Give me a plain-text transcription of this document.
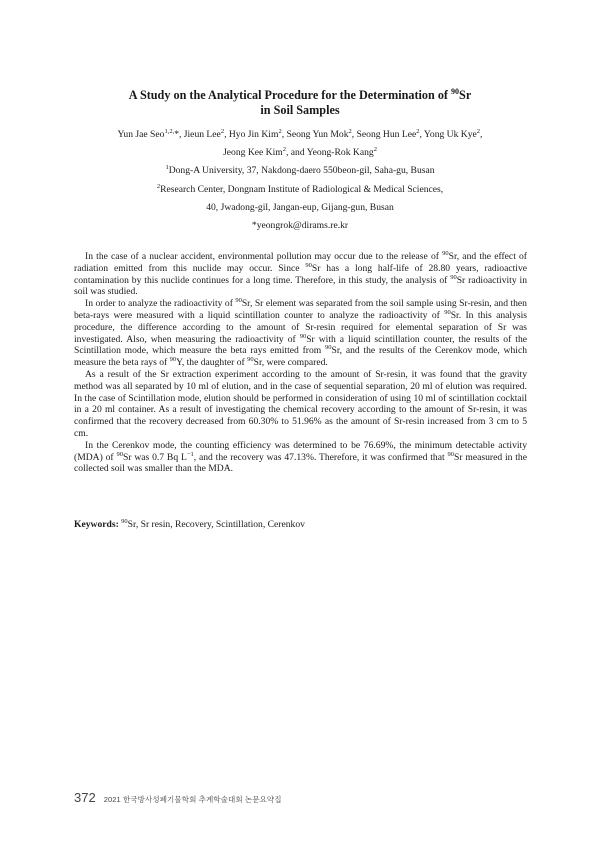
A Study on the Analytical Procedure for the Determination of $^{90}$Sr
in Soil Samples
Yun Jae Seo$^{1,2,}$*, Jieun Lee$^2$, Hyo Jin Kim$^2$, Seong Yun Mok$^2$, Seong Hun Lee$^2$, Yong Uk Kye$^2$,
Jeong Kee Kim$^2$, and Yeong-Rok Kang$^2$
$^1$Dong-A University, 37, Nakdong-daero 550beon-gil, Saha-gu, Busan
$^2$Research Center, Dongnam Institute of Radiological & Medical Sciences,
40, Jwadong-gil, Jangan-eup, Gijang-gun, Busan
*yeongrok@dirams.re.kr

In the case of a nuclear accident, environmental pollution may occur due to the release of $^{90}$Sr, and the effect of radiation emitted from this nuclide may occur. Since $^{90}$Sr has a long half-life of 28.80 years, radioactive contamination by this nuclide continues for a long time. Therefore, in this study, the analysis of $^{90}$Sr radioactivity in soil was studied.

In order to analyze the radioactivity of $^{90}$Sr, Sr element was separated from the soil sample using Sr-resin, and then beta-rays were measured with a liquid scintillation counter to analyze the radioactivity of $^{90}$Sr. In this analysis procedure, the difference according to the amount of Sr-resin required for elemental separation of Sr was investigated. Also, when measuring the radioactivity of $^{90}$Sr with a liquid scintillation counter, the results of the Scintillation mode, which measure the beta rays emitted from $^{90}$Sr, and the results of the Cerenkov mode, which measure the beta rays of $^{90}$Y, the daughter of $^{90}$Sr, were compared.

As a result of the Sr extraction experiment according to the amount of Sr-resin, it was found that the gravity method was all separated by 10 ml of elution, and in the case of sequential separation, 20 ml of elution was required. In the case of Scintillation mode, elution should be performed in consideration of using 10 ml of scintillation cocktail in a 20 ml container. As a result of investigating the chemical recovery according to the amount of Sr-resin, it was confirmed that the recovery decreased from 60.30% to 51.96% as the amount of Sr-resin increased from 3 cm to 5 cm.

In the Cerenkov mode, the counting efficiency was determined to be 76.69%, the minimum detectable activity (MDA) of $^{90}$Sr was 0.7 Bq $L^{-1}$, and the recovery was 47.13%. Therefore, it was confirmed that $^{90}$Sr measured in the collected soil was smaller than the MDA.

Keywords: $^{90}$Sr, Sr resin, Recovery, Scintillation, Cerenkov
372 2021 한국방사성폐기물학회 추계학술대회 논문요약집
